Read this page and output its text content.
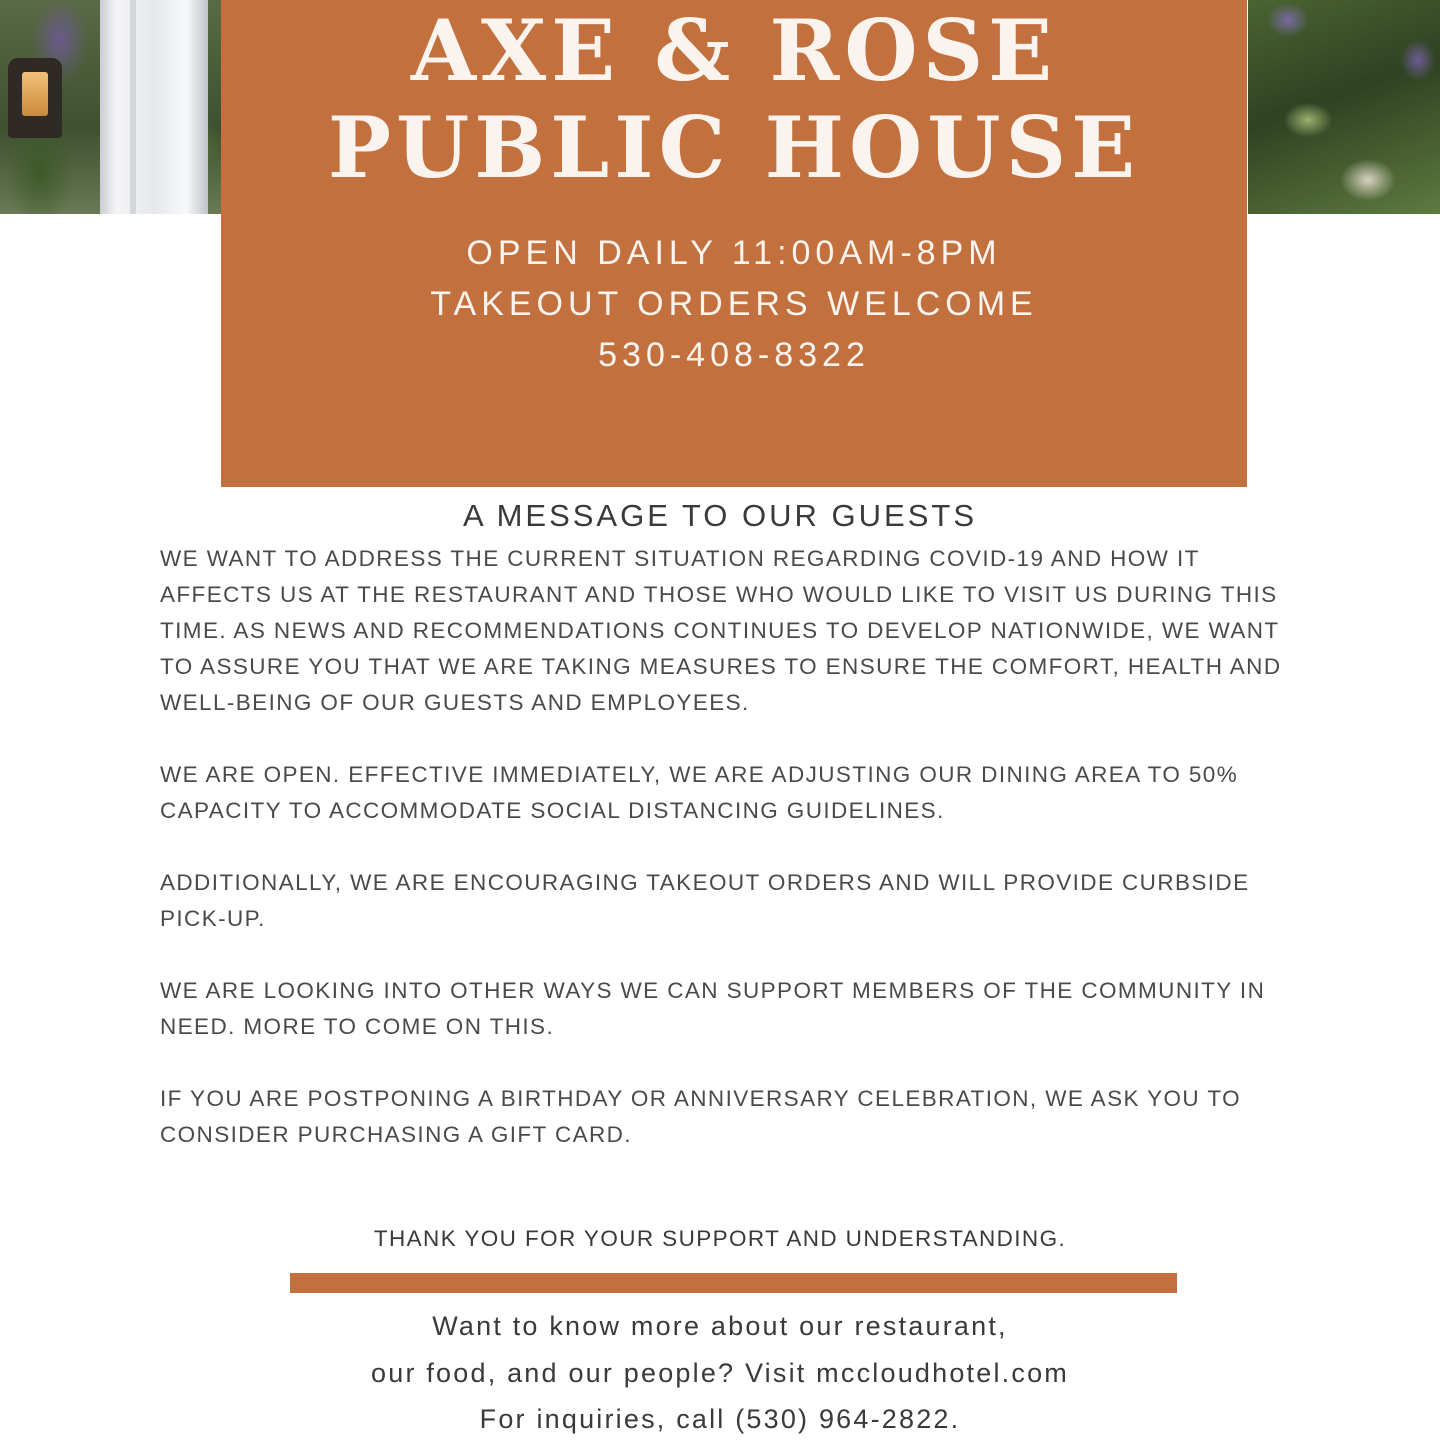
AXE & ROSE
PUBLIC HOUSE
OPEN DAILY 11:00AM-8PM
TAKEOUT ORDERS WELCOME
530-408-8322
A MESSAGE TO OUR GUESTS

WE WANT TO ADDRESS THE CURRENT SITUATION REGARDING COVID-19 AND HOW IT AFFECTS US AT THE RESTAURANT AND THOSE WHO WOULD LIKE TO VISIT US DURING THIS TIME. AS NEWS AND RECOMMENDATIONS CONTINUES TO DEVELOP NATIONWIDE, WE WANT TO ASSURE YOU THAT WE ARE TAKING MEASURES TO ENSURE THE COMFORT, HEALTH AND WELL-BEING OF OUR GUESTS AND EMPLOYEES.

WE ARE OPEN. EFFECTIVE IMMEDIATELY, WE ARE ADJUSTING OUR DINING AREA TO 50% CAPACITY TO ACCOMMODATE SOCIAL DISTANCING GUIDELINES.

ADDITIONALLY, WE ARE ENCOURAGING TAKEOUT ORDERS AND WILL PROVIDE CURBSIDE PICK-UP.

WE ARE LOOKING INTO OTHER WAYS WE CAN SUPPORT MEMBERS OF THE COMMUNITY IN NEED. MORE TO COME ON THIS.

IF YOU ARE POSTPONING A BIRTHDAY OR ANNIVERSARY CELEBRATION, WE ASK YOU TO CONSIDER PURCHASING A GIFT CARD.

THANK YOU FOR YOUR SUPPORT AND UNDERSTANDING.

Want to know more about our restaurant,
our food, and our people? Visit mccloudhotel.com
For inquiries, call (530) 964-2822.
